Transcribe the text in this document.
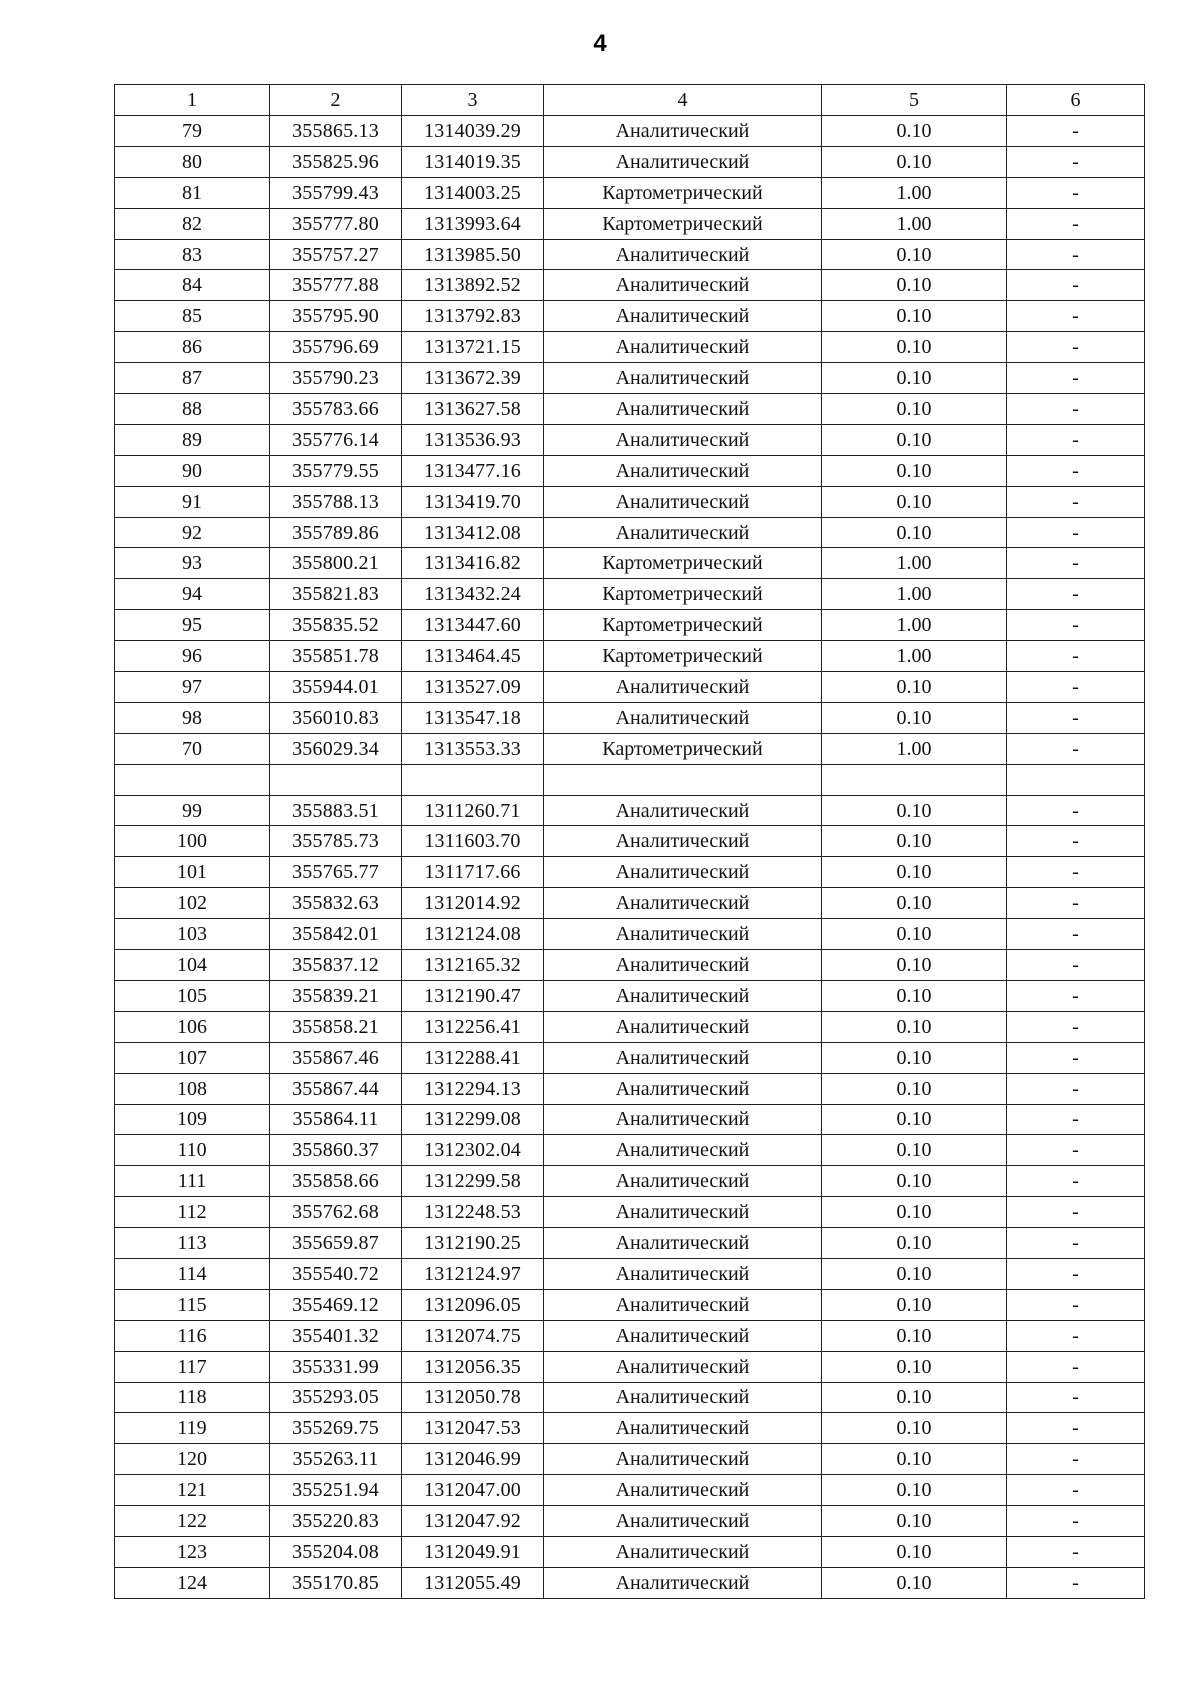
4
1	2	3	4	5	6
79	355865.13	1314039.29	Аналитический	0.10	-
80	355825.96	1314019.35	Аналитический	0.10	-
81	355799.43	1314003.25	Картометрический	1.00	-
82	355777.80	1313993.64	Картометрический	1.00	-
83	355757.27	1313985.50	Аналитический	0.10	-
84	355777.88	1313892.52	Аналитический	0.10	-
85	355795.90	1313792.83	Аналитический	0.10	-
86	355796.69	1313721.15	Аналитический	0.10	-
87	355790.23	1313672.39	Аналитический	0.10	-
88	355783.66	1313627.58	Аналитический	0.10	-
89	355776.14	1313536.93	Аналитический	0.10	-
90	355779.55	1313477.16	Аналитический	0.10	-
91	355788.13	1313419.70	Аналитический	0.10	-
92	355789.86	1313412.08	Аналитический	0.10	-
93	355800.21	1313416.82	Картометрический	1.00	-
94	355821.83	1313432.24	Картометрический	1.00	-
95	355835.52	1313447.60	Картометрический	1.00	-
96	355851.78	1313464.45	Картометрический	1.00	-
97	355944.01	1313527.09	Аналитический	0.10	-
98	356010.83	1313547.18	Аналитический	0.10	-
70	356029.34	1313553.33	Картометрический	1.00	-

99	355883.51	1311260.71	Аналитический	0.10	-
100	355785.73	1311603.70	Аналитический	0.10	-
101	355765.77	1311717.66	Аналитический	0.10	-
102	355832.63	1312014.92	Аналитический	0.10	-
103	355842.01	1312124.08	Аналитический	0.10	-
104	355837.12	1312165.32	Аналитический	0.10	-
105	355839.21	1312190.47	Аналитический	0.10	-
106	355858.21	1312256.41	Аналитический	0.10	-
107	355867.46	1312288.41	Аналитический	0.10	-
108	355867.44	1312294.13	Аналитический	0.10	-
109	355864.11	1312299.08	Аналитический	0.10	-
110	355860.37	1312302.04	Аналитический	0.10	-
111	355858.66	1312299.58	Аналитический	0.10	-
112	355762.68	1312248.53	Аналитический	0.10	-
113	355659.87	1312190.25	Аналитический	0.10	-
114	355540.72	1312124.97	Аналитический	0.10	-
115	355469.12	1312096.05	Аналитический	0.10	-
116	355401.32	1312074.75	Аналитический	0.10	-
117	355331.99	1312056.35	Аналитический	0.10	-
118	355293.05	1312050.78	Аналитический	0.10	-
119	355269.75	1312047.53	Аналитический	0.10	-
120	355263.11	1312046.99	Аналитический	0.10	-
121	355251.94	1312047.00	Аналитический	0.10	-
122	355220.83	1312047.92	Аналитический	0.10	-
123	355204.08	1312049.91	Аналитический	0.10	-
124	355170.85	1312055.49	Аналитический	0.10	-
